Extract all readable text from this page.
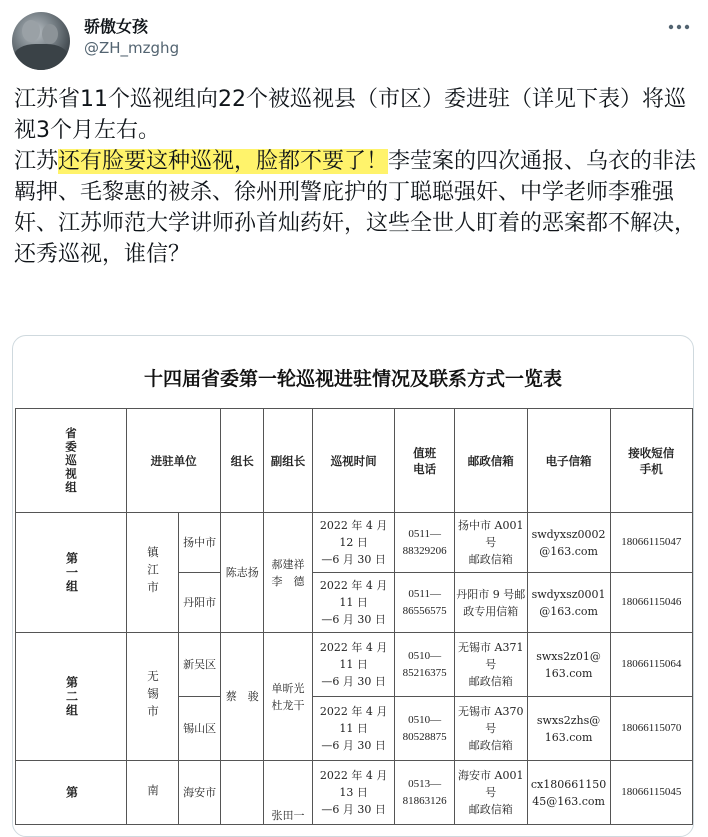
骄傲女孩
@ZH_mzghg

江苏省11个巡视组向22个被巡视县（市区）委进驻（详见下表）将巡视3个月左右。

江苏还有脸要这种巡视，脸都不要了！李莹案的四次通报、乌衣的非法羁押、毛黎惠的被杀、徐州刑警庇护的丁聪聪强奸、中学老师李雅强奸、江苏师范大学讲师孙首灿药奸，这些全世人盯着的恶案都不解决，还秀巡视，谁信？

十四届省委第一轮巡视进驻情况及联系方式一览表
省委巡视组	进驻单位		组长	副组长	巡视时间	值班
电话	邮政信箱	电子信箱	接收短信
手机

第一组	镇江市	扬中市	陈志扬	郝建祥
李　德	2022 年 4 月 12 日
—6 月 30 日	0511—
88329206	扬中市 A001 号
邮政信箱	swdyxsz0002
@163.com	18066115047
		丹阳市			2022 年 4 月 11 日
—6 月 30 日	0511—
86556575	丹阳市 9 号邮
政专用信箱	swdyxsz0001
@163.com	18066115046

第二组	无锡市	新吴区	蔡　骏	单昕光
杜龙干	2022 年 4 月 11 日
—6 月 30 日	0510—
85216375	无锡市 A371 号
邮政信箱	swxs2z01@
163.com	18066115064
		锡山区			2022 年 4 月 11 日
—6 月 30 日	0510—
80528875	无锡市 A370 号
邮政信箱	swxs2zhs@
163.com	18066115070

第	南	海安市		张田一	2022 年 4 月 13 日
—6 月 30 日	0513—
81863126	海安市 A001 号
邮政信箱	cx180661150
45@163.com	18066115045
